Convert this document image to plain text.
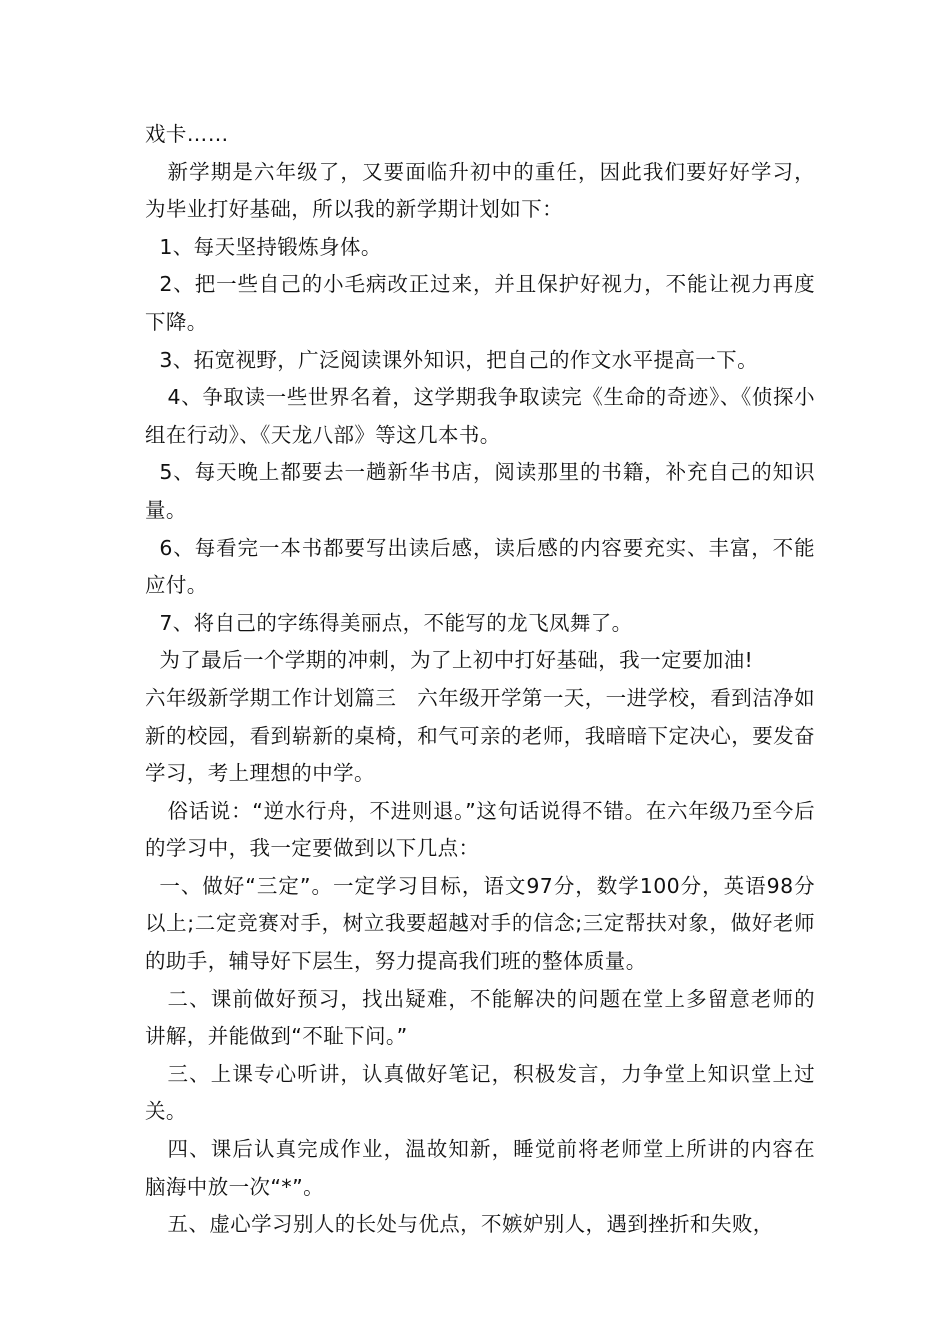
戏卡……

新学期是六年级了，又要面临升初中的重任，因此我们要好好学习，为毕业打好基础，所以我的新学期计划如下：

1、每天坚持锻炼身体。

2、把一些自己的小毛病改正过来，并且保护好视力，不能让视力再度下降。

3、拓宽视野，广泛阅读课外知识，把自己的作文水平提高一下。

4、争取读一些世界名着，这学期我争取读完《生命的奇迹》、《侦探小组在行动》、《天龙八部》等这几本书。

5、每天晚上都要去一趟新华书店，阅读那里的书籍，补充自己的知识量。

6、每看完一本书都要写出读后感，读后感的内容要充实、丰富，不能应付。

7、将自己的字练得美丽点，不能写的龙飞凤舞了。

为了最后一个学期的冲刺，为了上初中打好基础，我一定要加油!

六年级新学期工作计划篇三　六年级开学第一天，一进学校，看到洁净如新的校园，看到崭新的桌椅，和气可亲的老师，我暗暗下定决心，要发奋学习，考上理想的中学。

俗话说：“逆水行舟，不进则退。”这句话说得不错。在六年级乃至今后的学习中，我一定要做到以下几点：

一、做好“三定”。一定学习目标，语文97分，数学100分，英语98分以上;二定竞赛对手，树立我要超越对手的信念;三定帮扶对象，做好老师的助手，辅导好下层生，努力提高我们班的整体质量。

二、课前做好预习，找出疑难，不能解决的问题在堂上多留意老师的讲解，并能做到“不耻下问。”

三、上课专心听讲，认真做好笔记，积极发言，力争堂上知识堂上过关。

四、课后认真完成作业，温故知新，睡觉前将老师堂上所讲的内容在脑海中放一次“*”。

五、虚心学习别人的长处与优点，不嫉妒别人，遇到挫折和失败，
